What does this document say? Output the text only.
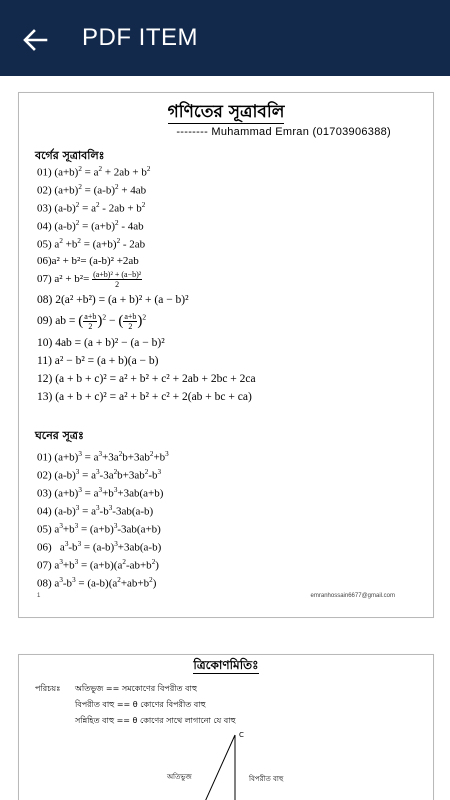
PDF ITEM
গণিতের সূত্রাবলি
-------- Muhammad Emran (01703906388)
বর্গের সূত্রাবলিঃ
01) $(a+b)^2 = a^2 + 2ab + b^2$
02) $(a+b)^2 = (a-b)^2 + 4ab$
03) $(a-b)^2 = a^2 - 2ab + b^2$
04) $(a-b)^2 = (a+b)^2 - 4ab$
05) $a^2 +b^2 = (a+b)^2 - 2ab$
06)a² + b²= (a-b)² +2ab
07) $a^2 + b^2= \frac{\text{(a+b)² + (a−b)²}}{2}$
08) 2(a² +b²) = (a + b)² + (a − b)²
09) ab = ( $\frac{a+b}{2} )^2$ − ( $\frac{a+b}{2} )^2$
10) 4ab = (a + b)² − (a − b)²
11) a² − b² = (a + b)(a − b)
12) (a + b + c)² = a² + b² + c² + 2ab + 2bc + 2ca
13) (a + b + c)² = a² + b² + c² + 2(ab + bc + ca)
ঘনের সূত্রঃ
01) $(a+b)^3 = a^3+3a^2b+3ab^2+b^3$
02) $(a-b)^3 = a^3-3a^2b+3ab^2-b^3$
03) $(a+b)^3 = a^3+b^3+3ab(a+b)$
04) $(a-b)^3 = a^3-b^3-3ab(a-b)$
05) $a^3+b^3 = (a+b)^3-3ab(a+b)$
06)   $a^3-b^3 = (a-b)^3+3ab(a-b)$
07) $a^3+b^3 = (a+b)(a^2-ab+b^2)$
08) $a^3-b^3 = (a-b)(a^2+ab+b^2)$
1	emranhossain6677@gmail.com
ত্রিকোণমিতিঃ
পরিচয়ঃ অতিভুজ == সমকোণের বিপরীত বাহু
বিপরীত বাহু == θ কোণের বিপরীত বাহু
সন্নিহিত বাহু == θ কোণের সাথে লাগানো যে বাহু
C
অতিভুজ	বিপরীত বাহু
